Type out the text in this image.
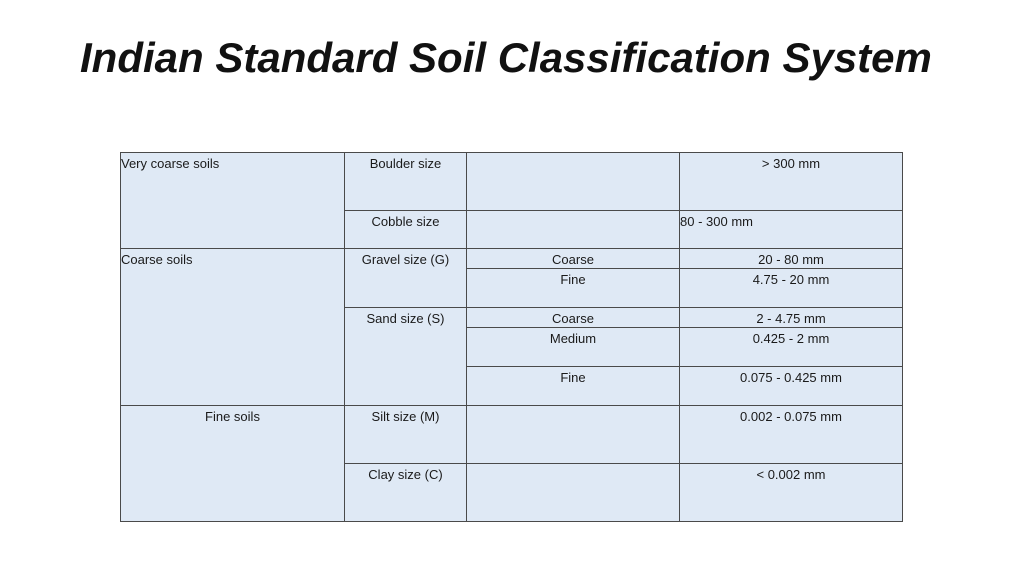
Indian Standard Soil Classification System
Very coarse soils	Boulder size		> 300 mm
	Cobble size		80 - 300 mm
Coarse soils	Gravel size (G)	Coarse	20 - 80 mm
		Fine	4.75 - 20 mm
	Sand size (S)	Coarse	2 - 4.75 mm
		Medium	0.425 - 2 mm
		Fine	0.075 - 0.425 mm
Fine soils	Silt size (M)		0.002 - 0.075 mm
	Clay size (C)		< 0.002 mm
